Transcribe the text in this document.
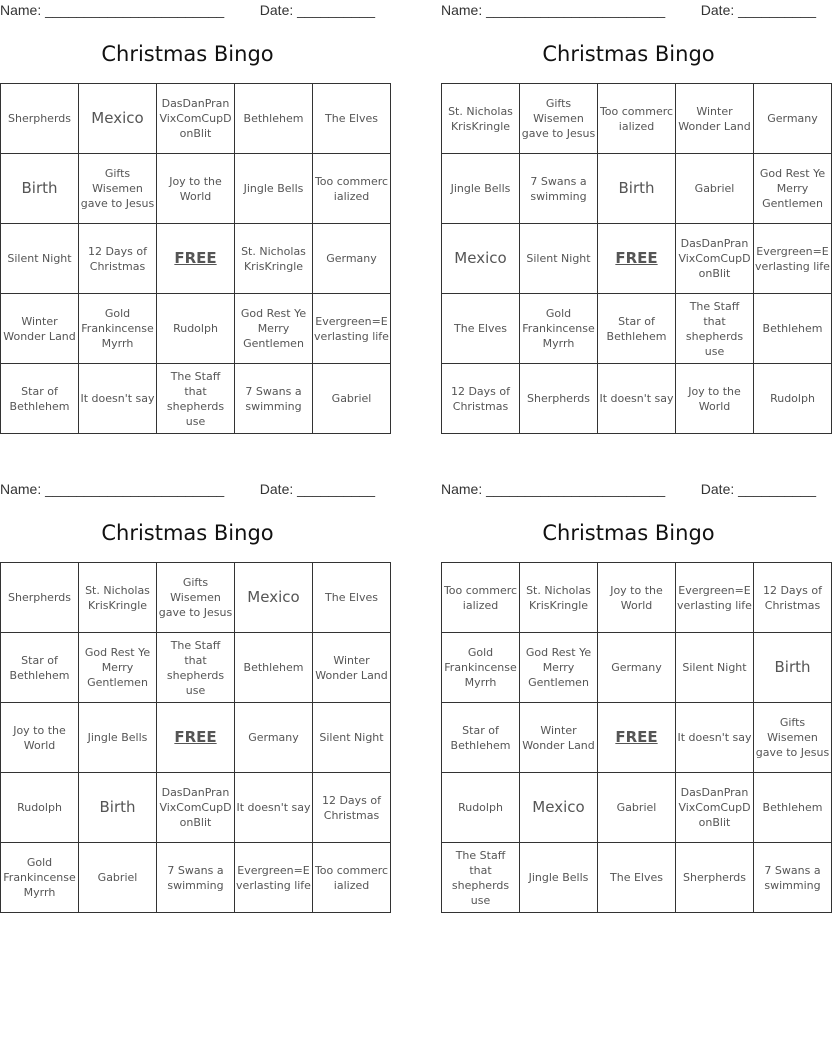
Name: _______________________	Date: __________
Christmas Bingo
Sherpherds	Mexico	DasDanPranVixComCupDonBlit	Bethlehem	The Elves
Birth	Gifts Wisemen gave to Jesus	Joy to the World	Jingle Bells	Too commercialized
Silent Night	12 Days of Christmas	FREE	St. Nicholas KrisKringle	Germany
Winter Wonder Land	Gold Frankincense Myrrh	Rudolph	God Rest Ye Merry Gentlemen	Evergreen=Everlasting life
Star of Bethlehem	It doesn't say	The Staff that shepherds use	7 Swans a swimming	Gabriel
Name: _______________________	Date: __________
Christmas Bingo
St. Nicholas KrisKringle	Gifts Wisemen gave to Jesus	Too commercialized	Winter Wonder Land	Germany
Jingle Bells	7 Swans a swimming	Birth	Gabriel	God Rest Ye Merry Gentlemen
Mexico	Silent Night	FREE	DasDanPranVixComCupDonBlit	Evergreen=Everlasting life
The Elves	Gold Frankincense Myrrh	Star of Bethlehem	The Staff that shepherds use	Bethlehem
12 Days of Christmas	Sherpherds	It doesn't say	Joy to the World	Rudolph
Name: _______________________	Date: __________
Christmas Bingo
Sherpherds	St. Nicholas KrisKringle	Gifts Wisemen gave to Jesus	Mexico	The Elves
Star of Bethlehem	God Rest Ye Merry Gentlemen	The Staff that shepherds use	Bethlehem	Winter Wonder Land
Joy to the World	Jingle Bells	FREE	Germany	Silent Night
Rudolph	Birth	DasDanPranVixComCupDonBlit	It doesn't say	12 Days of Christmas
Gold Frankincense Myrrh	Gabriel	7 Swans a swimming	Evergreen=Everlasting life	Too commercialized
Name: _______________________	Date: __________
Christmas Bingo
Too commercialized	St. Nicholas KrisKringle	Joy to the World	Evergreen=Everlasting life	12 Days of Christmas
Gold Frankincense Myrrh	God Rest Ye Merry Gentlemen	Germany	Silent Night	Birth
Star of Bethlehem	Winter Wonder Land	FREE	It doesn't say	Gifts Wisemen gave to Jesus
Rudolph	Mexico	Gabriel	DasDanPranVixComCupDonBlit	Bethlehem
The Staff that shepherds use	Jingle Bells	The Elves	Sherpherds	7 Swans a swimming
